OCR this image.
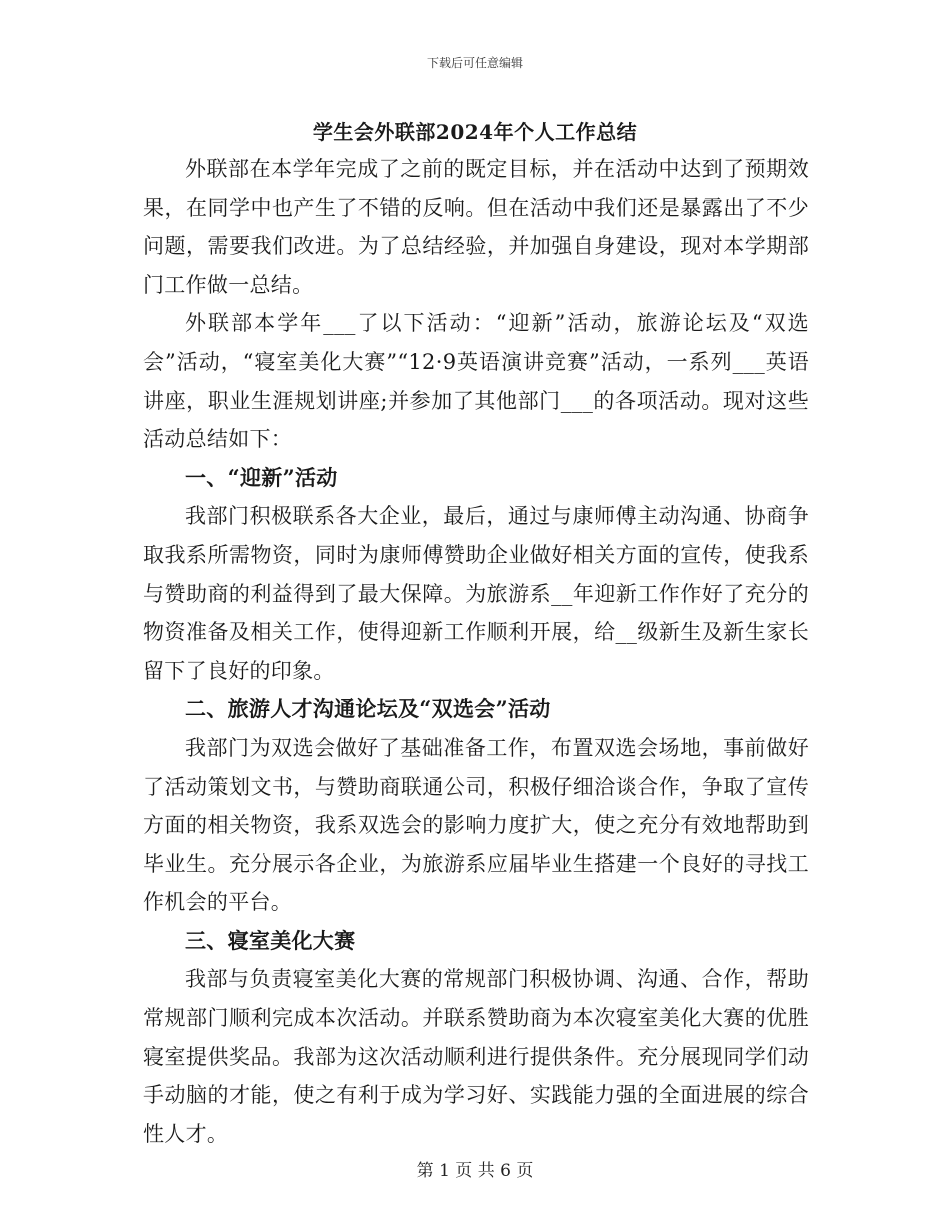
下载后可任意编辑
学生会外联部2024年个人工作总结

外联部在本学年完成了之前的既定目标，并在活动中达到了预期效果，在同学中也产生了不错的反响。但在活动中我们还是暴露出了不少问题，需要我们改进。为了总结经验，并加强自身建设，现对本学期部门工作做一总结。

外联部本学年___了以下活动：“迎新”活动，旅游论坛及“双选会”活动，“寝室美化大赛”“12·9英语演讲竞赛”活动，一系列___英语讲座，职业生涯规划讲座;并参加了其他部门___的各项活动。现对这些活动总结如下：

一、“迎新”活动

我部门积极联系各大企业，最后，通过与康师傅主动沟通、协商争取我系所需物资，同时为康师傅赞助企业做好相关方面的宣传，使我系与赞助商的利益得到了最大保障。为旅游系__年迎新工作作好了充分的物资准备及相关工作，使得迎新工作顺利开展，给__级新生及新生家长留下了良好的印象。

二、旅游人才沟通论坛及“双选会”活动

我部门为双选会做好了基础准备工作，布置双选会场地，事前做好了活动策划文书，与赞助商联通公司，积极仔细洽谈合作，争取了宣传方面的相关物资，我系双选会的影响力度扩大，使之充分有效地帮助到毕业生。充分展示各企业，为旅游系应届毕业生搭建一个良好的寻找工作机会的平台。

三、寝室美化大赛

我部与负责寝室美化大赛的常规部门积极协调、沟通、合作，帮助常规部门顺利完成本次活动。并联系赞助商为本次寝室美化大赛的优胜寝室提供奖品。我部为这次活动顺利进行提供条件。充分展现同学们动手动脑的才能，使之有利于成为学习好、实践能力强的全面进展的综合性人才。

第 1 页 共 6 页
